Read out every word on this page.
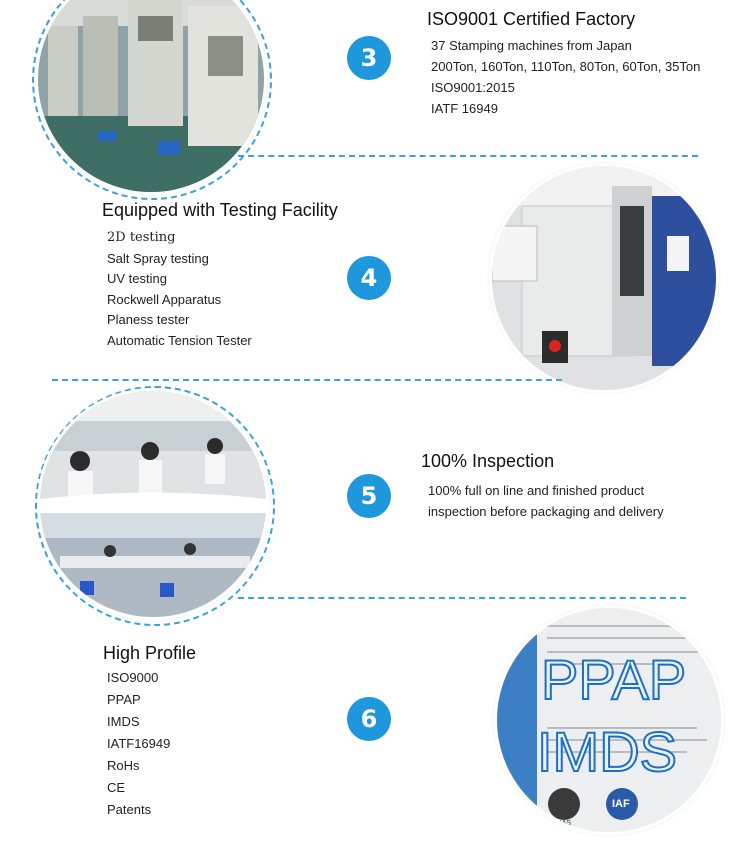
3
ISO9001 Certified Factory
37 Stamping machines from Japan
200Ton, 160Ton, 110Ton, 80Ton, 60Ton, 35Ton
ISO9001:2015
IATF 16949
Equipped with Testing Facility
2D testing
Salt Spray testing
UV testing
Rockwell Apparatus
Planess tester
Automatic Tension Tester
4
100% Inspection
5	100% full on line and finished product
inspection before packaging and delivery
High Profile
ISO9000
PPAP
IMDS
IATF16949
RoHs
CE
Patents
6
PPAP
IMDS
UKAS
IAF
